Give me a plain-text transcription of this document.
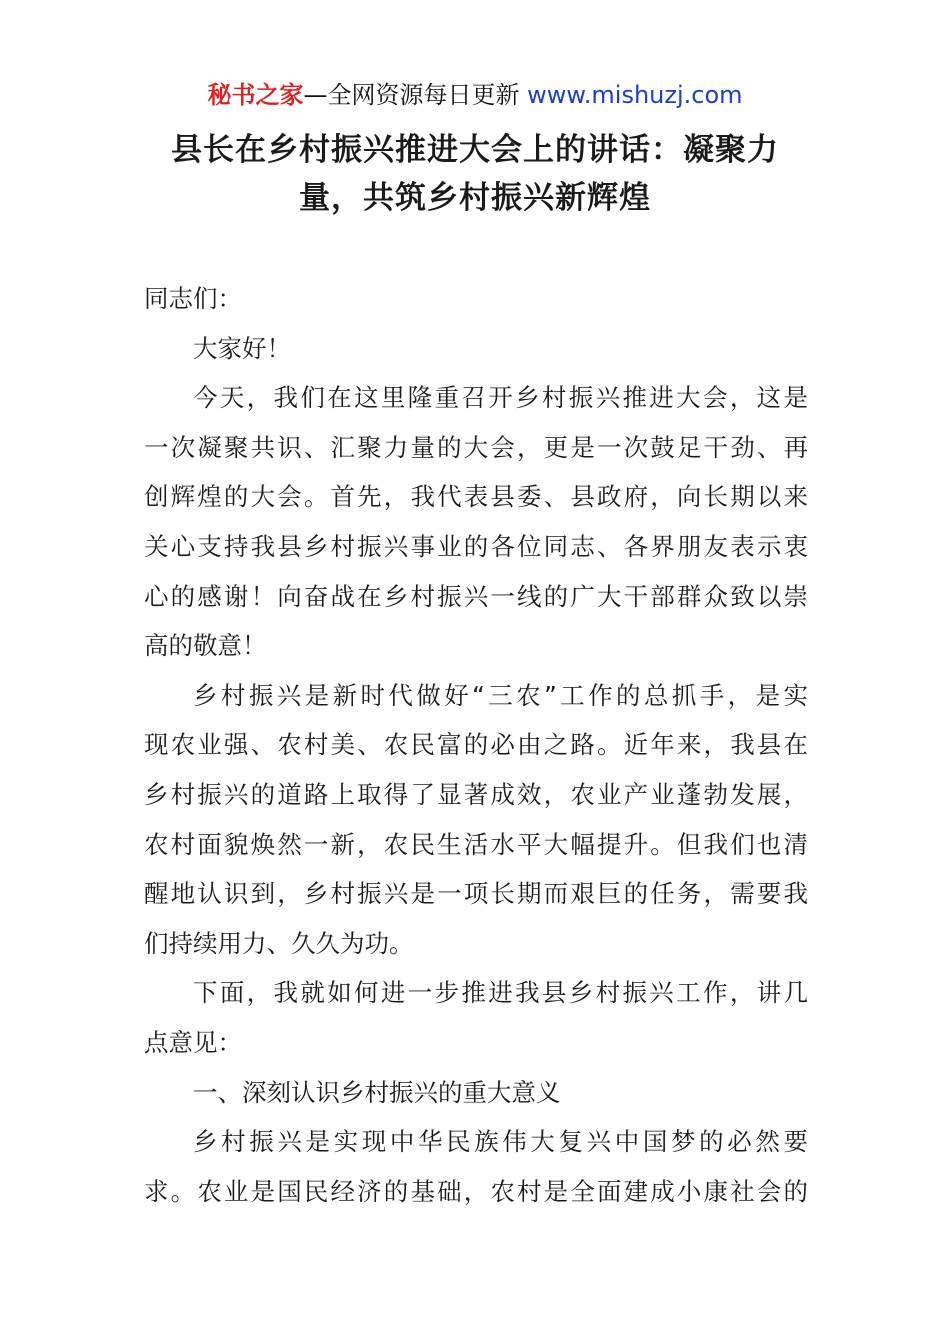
秘书之家—全网资源每日更新 www.mishuzj.com
县长在乡村振兴推进大会上的讲话：凝聚力
量，共筑乡村振兴新辉煌
同志们：
大家好！
今天，我们在这里隆重召开乡村振兴推进大会，这是
一次凝聚共识、汇聚力量的大会，更是一次鼓足干劲、再
创辉煌的大会。首先，我代表县委、县政府，向长期以来
关心支持我县乡村振兴事业的各位同志、各界朋友表示衷
心的感谢！向奋战在乡村振兴一线的广大干部群众致以崇
高的敬意！
乡村振兴是新时代做好“三农”工作的总抓手，是实
现农业强、农村美、农民富的必由之路。近年来，我县在
乡村振兴的道路上取得了显著成效，农业产业蓬勃发展，
农村面貌焕然一新，农民生活水平大幅提升。但我们也清
醒地认识到，乡村振兴是一项长期而艰巨的任务，需要我
们持续用力、久久为功。
下面，我就如何进一步推进我县乡村振兴工作，讲几
点意见：
一、深刻认识乡村振兴的重大意义
乡村振兴是实现中华民族伟大复兴中国梦的必然要
求。农业是国民经济的基础，农村是全面建成小康社会的
